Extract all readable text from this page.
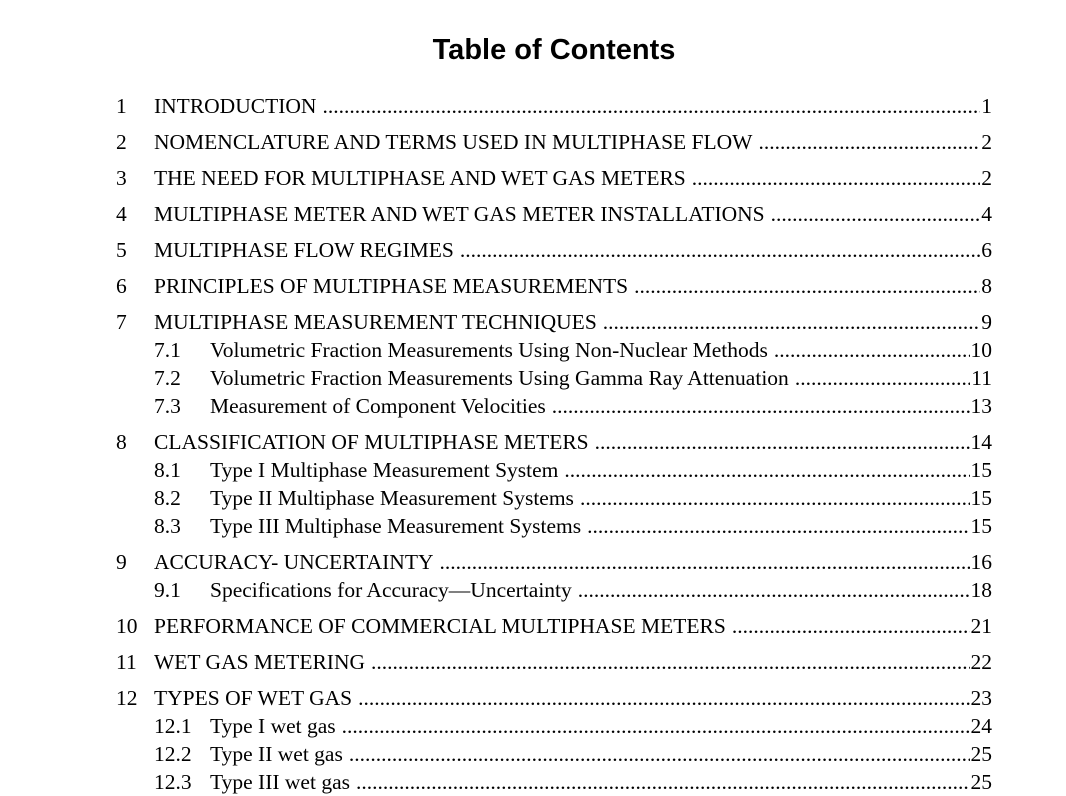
Table of Contents
1	INTRODUCTION .....	1
2	NOMENCLATURE AND TERMS USED IN MULTIPHASE FLOW .....	2
3	THE NEED FOR MULTIPHASE AND WET GAS METERS .....	2
4	MULTIPHASE METER AND WET GAS METER INSTALLATIONS .....	4
5	MULTIPHASE FLOW REGIMES .....	6
6	PRINCIPLES OF MULTIPHASE MEASUREMENTS .....	8
7	MULTIPHASE MEASUREMENT TECHNIQUES .....	9
7.1	Volumetric Fraction Measurements Using Non-Nuclear Methods .....	10
7.2	Volumetric Fraction Measurements Using Gamma Ray Attenuation .....	11
7.3	Measurement of Component Velocities .....	13
8	CLASSIFICATION OF MULTIPHASE METERS .....	14
8.1	Type I Multiphase Measurement System .....	15
8.2	Type II Multiphase Measurement Systems .....	15
8.3	Type III Multiphase Measurement Systems .....	15
9	ACCURACY- UNCERTAINTY .....	16
9.1	Specifications for Accuracy—Uncertainty .....	18
10 PERFORMANCE OF COMMERCIAL MULTIPHASE METERS .....	21
11 WET GAS METERING .....	22
12 TYPES OF WET GAS .....	23
12.1 Type I wet gas .....	24
12.2 Type II wet gas .....	25
12.3 Type III wet gas .....	25
